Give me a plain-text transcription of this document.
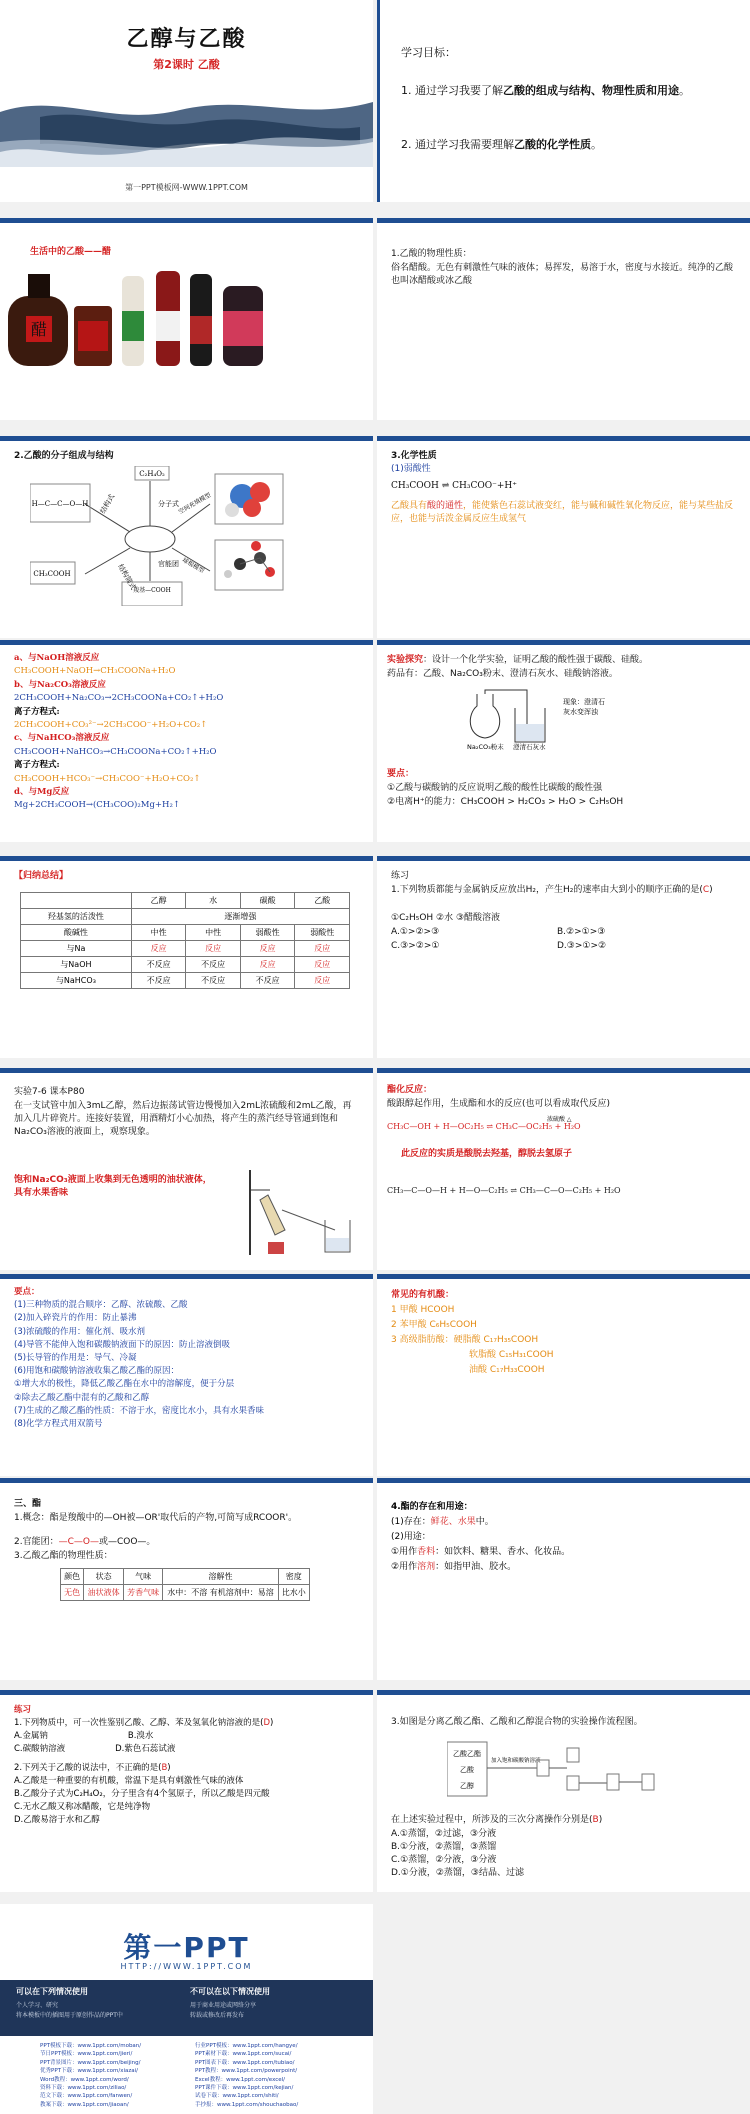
乙醇与乙酸
第2课时 乙酸
第一PPT模板网-WWW.1PPT.COM
学习目标：
1. 通过学习我要了解乙酸的组成与结构、物理性质和用途。
2. 通过学习我需要理解乙酸的化学性质。
生活中的乙酸——醋
醋
1.乙酸的物理性质：
俗名醋酸。无色有刺激性气味的液体；易挥发，易溶于水，密度与水接近。纯净的乙酸也叫冰醋酸或冰乙酸
2.乙酸的分子组成与结构
H—C—C—O—H
CH₃COOH
C₂H₄O₂
羧基—COOH
结构式
结构简式
分子式
官能团
空间充填模型
球棍模型
3.化学性质
(1)弱酸性
CH₃COOH ⇌ CH₃COO⁻+H⁺
乙酸具有酸的通性，能使紫色石蕊试液变红，能与碱和碱性氧化物反应，能与某些盐反应，也能与活泼金属反应生成氢气
a、与NaOH溶液反应
CH₃COOH+NaOH→CH₃COONa+H₂O
b、与Na₂CO₃溶液反应
2CH₃COOH+Na₂CO₃→2CH₃COONa+CO₂↑+H₂O
离子方程式:
2CH₃COOH+CO₃²⁻→2CH₃COO⁻+H₂O+CO₂↑
c、与NaHCO₃溶液反应
CH₃COOH+NaHCO₃→CH₃COONa+CO₂↑+H₂O
离子方程式:
CH₃COOH+HCO₃⁻→CH₃COO⁻+H₂O+CO₂↑
d、与Mg反应
Mg+2CH₃COOH→(CH₃COO)₂Mg+H₂↑
实验探究：设计一个化学实验，证明乙酸的酸性强于碳酸、硅酸。
药品有：乙酸、Na₂CO₃粉末、澄清石灰水、硅酸钠溶液。
现象：澄清石
灰水变浑浊
Na₂CO₃粉末 澄清石灰水
要点：
①乙酸与碳酸钠的反应说明乙酸的酸性比碳酸的酸性强
②电离H⁺的能力：CH₃COOH > H₂CO₃ > H₂O > C₂H₅OH
【归纳总结】
	乙醇	水	碳酸	乙酸
羟基氢的活泼性	逐渐增强			
酸碱性	中性	中性	弱酸性	弱酸性
与Na	反应	反应	反应	反应
与NaOH	不反应	不反应	反应	反应
与NaHCO₃	不反应	不反应	不反应	反应
练习
1.下列物质都能与金属钠反应放出H₂，产生H₂的速率由大到小的顺序正确的是(C)
①C₂H₅OH ②水 ③醋酸溶液
A.①>②>③	B.②>①>③
C.③>②>①	D.③>①>②
实验7-6 课本P80
在一支试管中加入3mL乙醇，然后边振荡试管边慢慢加入2mL浓硫酸和2mL乙酸，再加入几片碎瓷片。连接好装置，用酒精灯小心加热，将产生的蒸汽经导管通到饱和Na₂CO₃溶液的液面上，观察现象。
饱和Na₂CO₃液面上收集到无色透明的油状液体，具有水果香味
酯化反应：
酸跟醇起作用，生成酯和水的反应(也可以看成取代反应)
CH₃C—OH + H—OC₂H₅ ⇌ CH₃C—OC₂H₅ + H₂O
浓硫酸 △
此反应的实质是酸脱去羟基，醇脱去氢原子
CH₃—C—O—H + H—O—C₂H₅ ⇌ CH₃—C—O—C₂H₅ + H₂O
要点：
(1)三种物质的混合顺序：乙醇、浓硫酸、乙酸
(2)加入碎瓷片的作用：防止暴沸
(3)浓硫酸的作用：催化剂、吸水剂
(4)导管不能伸入饱和碳酸钠液面下的原因：防止溶液倒吸
(5)长导管的作用是：导气、冷凝
(6)用饱和碳酸钠溶液收集乙酸乙酯的原因：
①增大水的极性，降低乙酸乙酯在水中的溶解度，便于分层
②除去乙酸乙酯中混有的乙酸和乙醇
(7)生成的乙酸乙酯的性质：不溶于水，密度比水小，具有水果香味
(8)化学方程式用双箭号
常见的有机酸：
1 甲酸 HCOOH
2 苯甲酸 C₆H₅COOH
3 高级脂肪酸：硬脂酸 C₁₇H₃₅COOH
软脂酸 C₁₅H₃₁COOH
油酸 C₁₇H₃₃COOH
三、酯
1.概念：酯是羧酸中的—OH被—OR'取代后的产物,可简写成RCOOR'。
2.官能团：—C—O—或—COO—。
3.乙酸乙酯的物理性质：
颜色	状态	气味	溶解性	密度
无色	油状液体	芳香气味	水中：不溶 有机溶剂中：易溶	比水小
4.酯的存在和用途：
(1)存在：鲜花、水果中。
(2)用途：
①用作香料：如饮料、糖果、香水、化妆品。
②用作溶剂：如指甲油、胶水。
练习
1.下列物质中，可一次性鉴别乙酸、乙醇、苯及氢氧化钠溶液的是(D)
A.金属钠	B.溴水
C.碳酸钠溶液	D.紫色石蕊试液
2.下列关于乙酸的说法中，不正确的是(B)
A.乙酸是一种重要的有机酸，常温下是具有刺激性气味的液体
B.乙酸分子式为C₂H₄O₂，分子里含有4个氢原子，所以乙酸是四元酸
C.无水乙酸又称冰醋酸，它是纯净物
D.乙酸易溶于水和乙醇
3.如图是分离乙酸乙酯、乙酸和乙醇混合物的实验操作流程图。
乙酸乙酯
乙酸
乙醇
加入饱和碳酸钠溶液
在上述实验过程中，所涉及的三次分离操作分别是(B)
A.①蒸馏，②过滤，③分液
B.①分液，②蒸馏，③蒸馏
C.①蒸馏，②分液，③分液
D.①分液，②蒸馏，③结晶、过滤
第一PPT
HTTP://WWW.1PPT.COM
可以在下列情况使用
个人学习、研究
将本模板中的插图用于原创作品的PPT中
不可以在以下情况使用
用于商业用途或网络分享
转载或修改后再发布
PPT模板下载：www.1ppt.com/moban/
节日PPT模板：www.1ppt.com/jieri/
PPT背景图片：www.1ppt.com/beijing/
优秀PPT下载：www.1ppt.com/xiazai/
Word教程：www.1ppt.com/word/
资料下载：www.1ppt.com/ziliao/
范文下载：www.1ppt.com/fanwen/
教案下载：www.1ppt.com/jiaoan/
行业PPT模板：www.1ppt.com/hangye/
PPT素材下载：www.1ppt.com/sucai/
PPT图表下载：www.1ppt.com/tubiao/
PPT教程：www.1ppt.com/powerpoint/
Excel教程：www.1ppt.com/excel/
PPT课件下载：www.1ppt.com/kejian/
试卷下载：www.1ppt.com/shiti/
手抄报：www.1ppt.com/shouchaobao/
